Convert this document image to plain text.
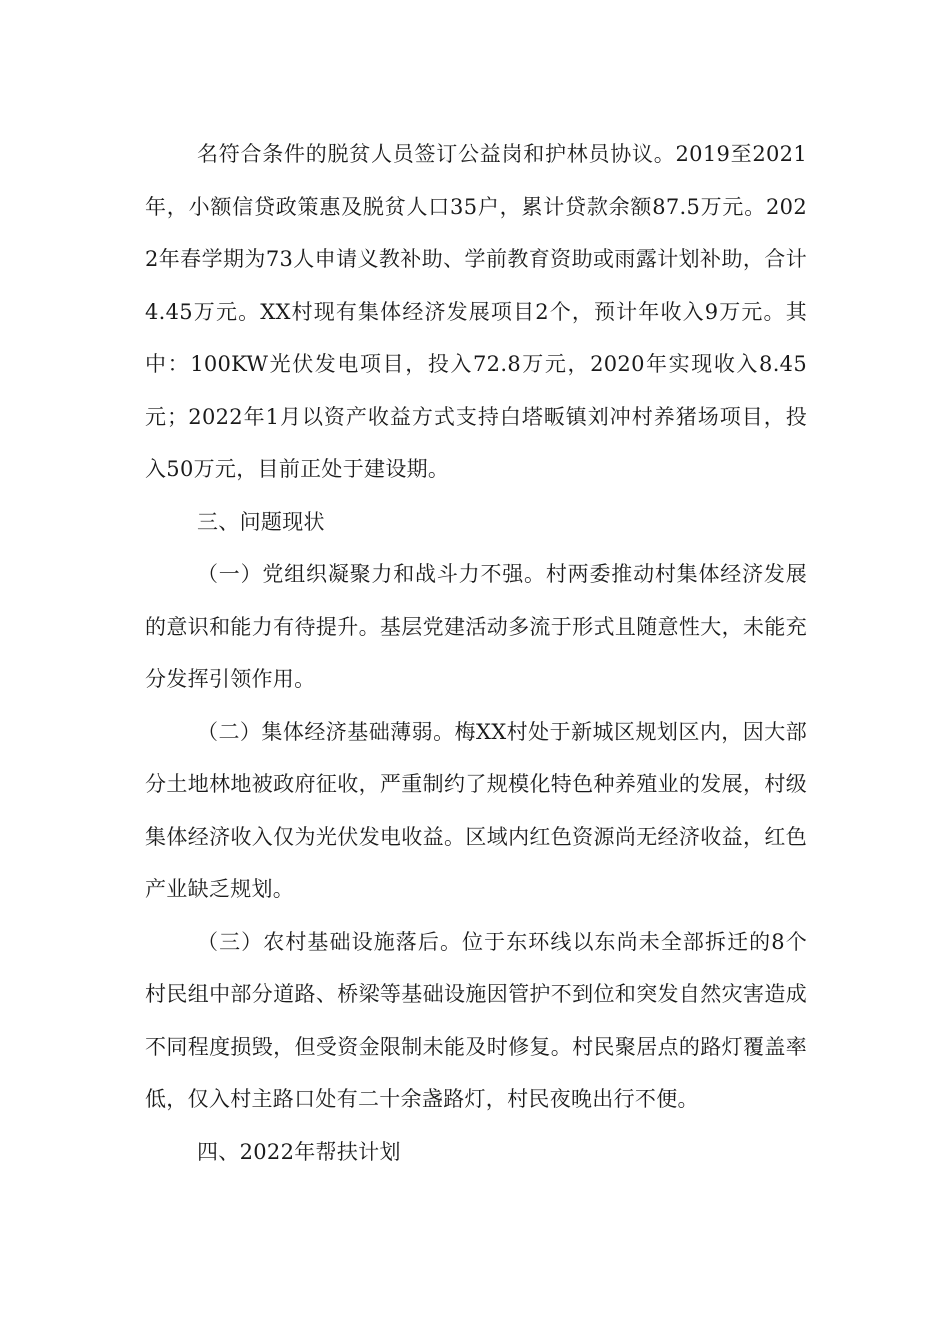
名符合条件的脱贫人员签订公益岗和护林员协议。2019至2021年，小额信贷政策惠及脱贫人口35户，累计贷款余额87.5万元。2022年春学期为73人申请义教补助、学前教育资助或雨露计划补助，合计4.45万元。XX村现有集体经济发展项目2个，预计年收入9万元。其中：100KW光伏发电项目，投入72.8万元，2020年实现收入8.45元；2022年1月以资产收益方式支持白塔畈镇刘冲村养猪场项目，投入50万元，目前正处于建设期。

三、问题现状

（一）党组织凝聚力和战斗力不强。村两委推动村集体经济发展的意识和能力有待提升。基层党建活动多流于形式且随意性大，未能充分发挥引领作用。

（二）集体经济基础薄弱。梅XX村处于新城区规划区内，因大部分土地林地被政府征收，严重制约了规模化特色种养殖业的发展，村级集体经济收入仅为光伏发电收益。区域内红色资源尚无经济收益，红色产业缺乏规划。

（三）农村基础设施落后。位于东环线以东尚未全部拆迁的8个村民组中部分道路、桥梁等基础设施因管护不到位和突发自然灾害造成不同程度损毁，但受资金限制未能及时修复。村民聚居点的路灯覆盖率低，仅入村主路口处有二十余盏路灯，村民夜晚出行不便。

四、2022年帮扶计划
